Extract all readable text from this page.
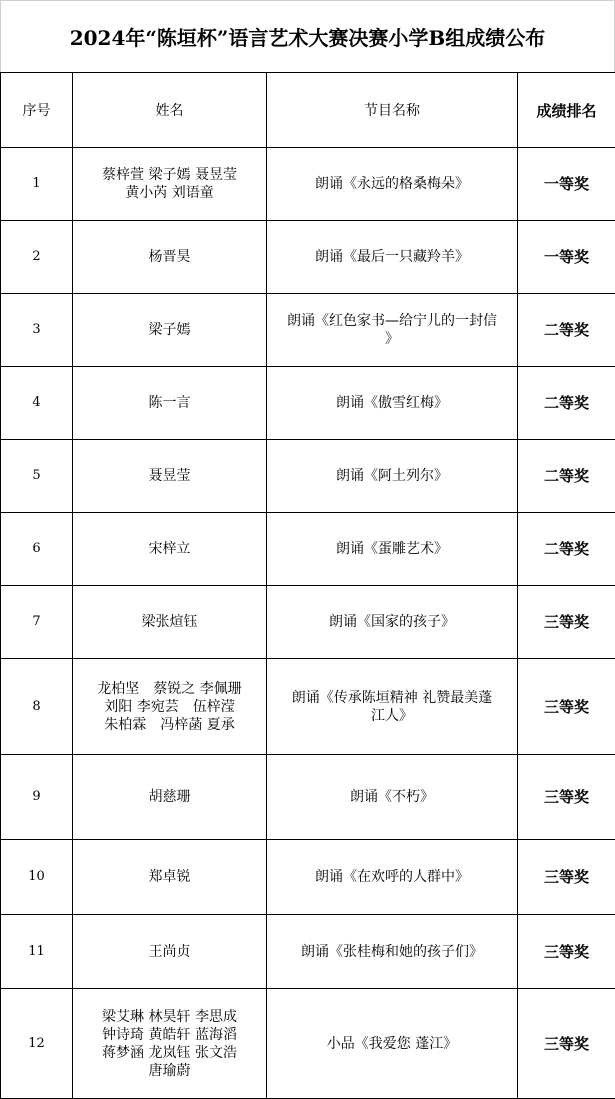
2024年“陈垣杯”语言艺术大赛决赛小学B组成绩公布
序号	姓名	节目名称	成绩排名
1	蔡梓萱 梁子嫣 聂昱莹
黄小芮 刘语童	朗诵《永远的格桑梅朵》	一等奖
2	杨晋昊	朗诵《最后一只藏羚羊》	一等奖
3	梁子嫣	朗诵《红色家书—给宁儿的一封信
》	二等奖
4	陈一言	朗诵《傲雪红梅》	二等奖
5	聂昱莹	朗诵《阿土列尔》	二等奖
6	宋梓立	朗诵《蛋雕艺术》	二等奖
7	梁张煊钰	朗诵《国家的孩子》	三等奖
8	龙柏坚　蔡锐之 李佩珊
刘阳 李宛芸　伍梓滢
朱柏霖　冯梓菡 夏承	朗诵《传承陈垣精神 礼赞最美蓬
江人》	三等奖
9	胡慈珊	朗诵《不朽》	三等奖
10	郑卓锐	朗诵《在欢呼的人群中》	三等奖
11	王尚贞	朗诵《张桂梅和她的孩子们》	三等奖
12	梁艾琳 林昊轩 李思成
钟诗琦 黄皓轩 蓝海滔
蒋梦涵 龙岚钰 张文浩
唐瑜蔚	小品《我爱您 蓬江》	三等奖
